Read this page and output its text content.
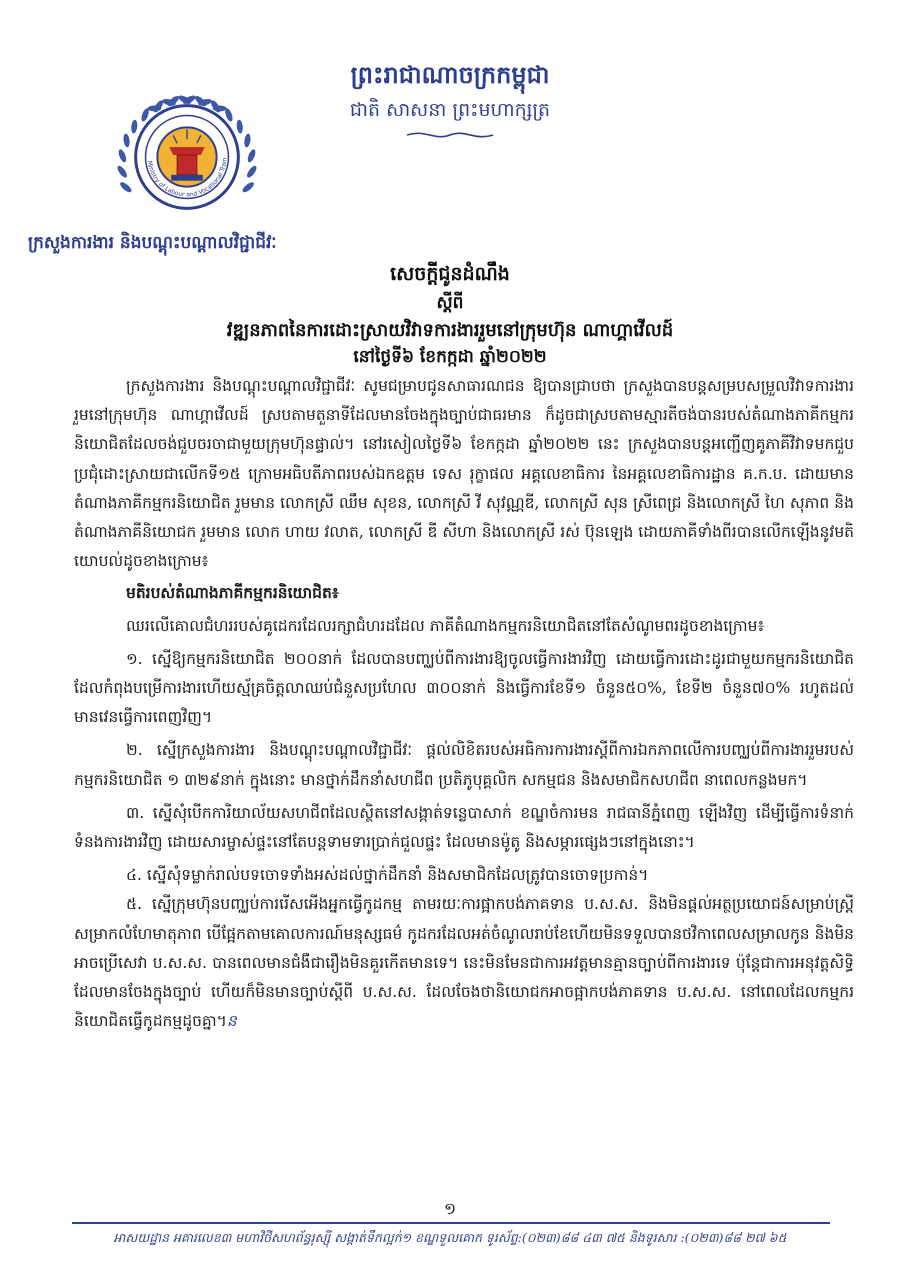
Ministry of Labour and Vocational Train
ព្រះរាជាណាចក្រកម្ពុជា
ជាតិ សាសនា ព្រះមហាក្សត្រ
ក្រសួងការងារ និងបណ្តុះបណ្តាលវិជ្ជាជីវៈ
សេចក្តីជូនដំណឹង
ស្តីពី
វឌ្ឍនភាពនៃការដោះស្រាយវិវាទការងាររួមនៅក្រុមហ៊ុន ណាហ្គាវើលដ៍
នៅថ្ងៃទី៦ ខែកក្កដា ឆ្នាំ២០២២

ក្រសួងការងារ និងបណ្តុះបណ្តាលវិជ្ជាជីវៈ សូមជម្រាបជូនសាធារណជន ឱ្យបានជ្រាបថា ក្រសួងបានបន្តសម្របសម្រួលវិវាទការងាររួមនៅក្រុមហ៊ុន ណាហ្គាវើលដ៍ ស្របតាមតួនាទីដែលមានចែងក្នុងច្បាប់ជាធរមាន ក៏ដូចជាស្របតាមស្មារតីចង់បានរបស់តំណាងភាគីកម្មករនិយោជិតដែលចង់ជួបចរចាជាមួយក្រុមហ៊ុនផ្ទាល់។ នៅរសៀលថ្ងៃទី៦ ខែកក្កដា ឆ្នាំ២០២២ នេះ ក្រសួងបានបន្តអញ្ជើញគូភាគីវិវាទមកជួបប្រជុំដោះស្រាយជាលើកទី១៥ ក្រោមអធិបតីភាពរបស់ឯកឧត្តម ទេស រុក្ខាផល អគ្គលេខាធិការ នៃអគ្គលេខាធិការដ្ឋាន គ.ក.ប. ដោយមានតំណាងភាគីកម្មករនិយោជិត រួមមាន លោកស្រី ឈឹម សុខន, លោកស្រី វី សុវណ្ណឌី, លោកស្រី សុន ស្រីពេជ្រ និងលោកស្រី ហៃ សុភាព និងតំណាងភាគីនិយោជក រួមមាន លោក ហាយ វលាត, លោកស្រី ឌី សីហា និងលោកស្រី រស់ ប៊ុនឡេង ដោយភាគីទាំងពីរបានលើកឡើងនូវមតិយោបល់ដូចខាងក្រោម៖

មតិរបស់តំណាងភាគីកម្មករនិយោជិត៖

ឈរលើគោលជំហររបស់គូដេករដែលរក្សាជំហរដដែល ភាគីតំណាងកម្មករនិយោជិតនៅតែសំណូមពរដូចខាងក្រោម៖

១. ស្នើឱ្យកម្មករនិយោជិត ២០០នាក់ ដែលបានបញ្ឈប់ពីការងារឱ្យចូលធ្វើការងារវិញ ដោយធ្វើការដោះដូរជាមួយកម្មករនិយោជិតដែលកំពុងបម្រើការងារហើយស្ម័គ្រចិត្តលាឈប់ជំនួសប្រហែល ៣០០នាក់ និងធ្វើការខែទី១ ចំនួន៥០%, ខែទី២ ចំនួន៧០% រហូតដល់មានវេនធ្វើការពេញវិញ។

២. ស្នើក្រសួងការងារ និងបណ្តុះបណ្តាលវិជ្ជាជីវៈ ផ្តល់លិខិតរបស់អធិការការងារស្តីពីការឯកភាពលើការបញ្ឈប់ពីការងាររួមរបស់កម្មករនិយោជិត ១ ៣២៩នាក់ ក្នុងនោះ មានថ្នាក់ដឹកនាំសហជីព ប្រតិភូបុគ្គលិក សកម្មជន និងសមាជិកសហជីព នាពេលកន្លងមក។

៣. ស្នើសុំបើកការិយាល័យសហជីពដែលស្ថិតនៅសង្កាត់ទន្លេបាសាក់ ខណ្ឌចំការមន រាជធានីភ្នំពេញ ឡើងវិញ ដើម្បីធ្វើការទំនាក់ទំនងការងារវិញ ដោយសារម្ចាស់ផ្ទះនៅតែបន្តទាមទារប្រាក់ជួលផ្ទះ ដែលមានម៉ូតូ និងសម្ភារផ្សេងៗនៅក្នុងនោះ។

៤. ស្នើសុំទម្លាក់រាល់បទចោទទាំងអស់ដល់ថ្នាក់ដឹកនាំ និងសមាជិកដែលត្រូវបានចោទប្រកាន់។

៥. ស្នើក្រុមហ៊ុនបញ្ឈប់ការរើសអើងអ្នកធ្វើកូដកម្ម តាមរយៈការផ្អាកបង់ភាគទាន ប.ស.ស. និងមិនផ្តល់អត្ថប្រយោជន៍សម្រាប់ស្ត្រីសម្រាកលំហែមាតុភាព បើផ្អែកតាមគោលការណ៍មនុស្សធម៌ កូដករដែលអត់ចំណូលរាប់ខែហើយមិនទទួលបានថវិកាពេលសម្រាលកូន និងមិនអាចប្រើសេវា ប.ស.ស. បានពេលមានជំងឺជារឿងមិនគួរកើតមានទេ។ នេះមិនមែនជាការអវត្តមានគ្មានច្បាប់ពីការងារទេ ប៉ុន្តែជាការអនុវត្តសិទ្ធិដែលមានចែងក្នុងច្បាប់ ហើយក៏មិនមានច្បាប់ស្តីពី ប.ស.ស. ដែលចែងថានិយោជកអាចផ្អាកបង់ភាគទាន ប.ស.ស. នៅពេលដែលកម្មករនិយោជិតធ្វើកូដកម្មដូចគ្នា។ន

១
អាសយដ្ឋាន អគារលេខ៣ មហាវិថីសហព័ន្ធរុស្ស៊ី សង្កាត់ទឹកល្អក់១ ខណ្ឌទួលគោក ទូរស័ព្ទ:(០២៣)៨៨ ៤៣ ៧៥ និងទូរសារ :(០២៣)៨៨ ២៧ ៦៥
